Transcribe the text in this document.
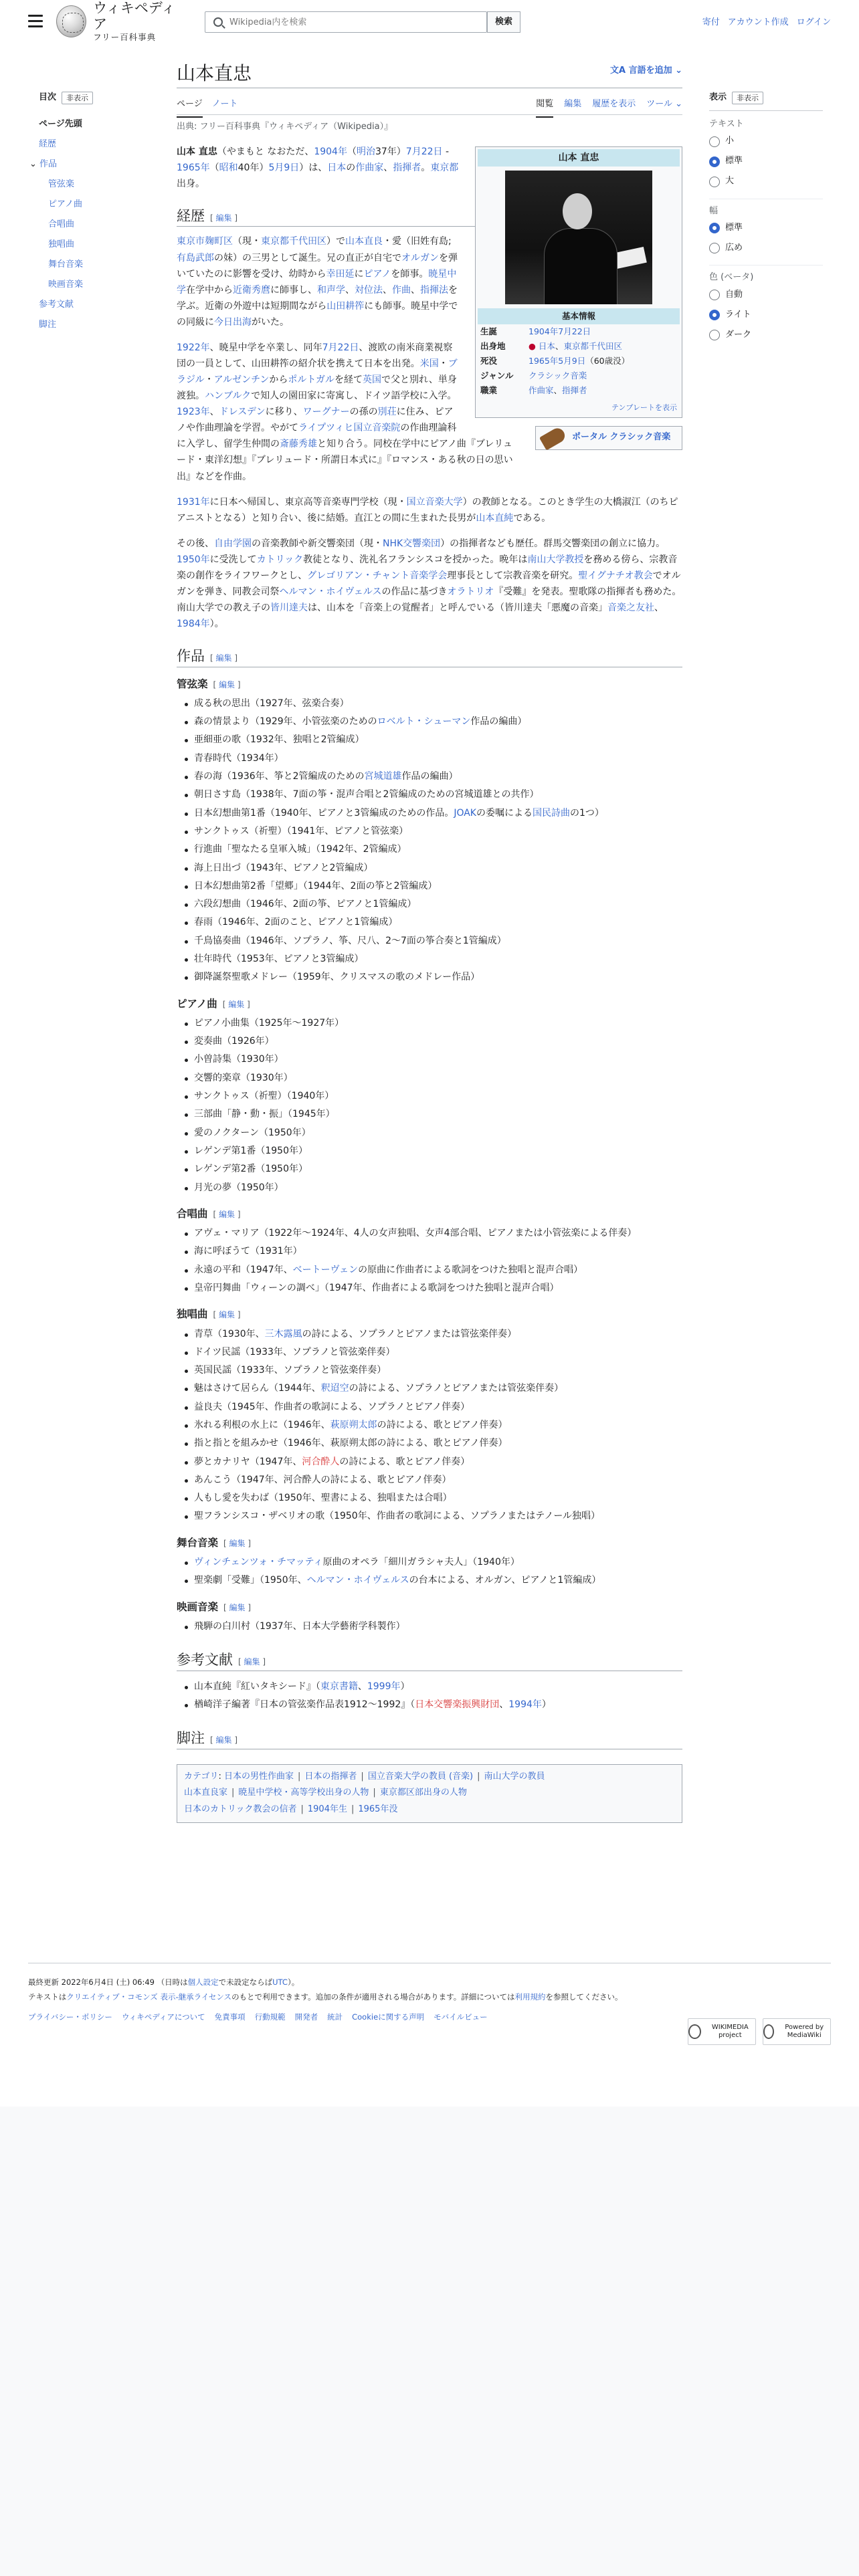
ウィキペディア
フリー百科事典
Wikipedia内を検索
検索	寄付 アカウント作成 ログイン
目次	非表示
ページ先頭
経歴
⌄ 作品
管弦楽
ピアノ曲
合唱曲
独唱曲
舞台音楽
映画音楽
参考文献
脚注
表示	非表示
テキスト
小
標準
大
幅
標準
広め
色 (ベータ)
自動
ライト
ダーク
山本直忠	文A 言語を追加 ⌄
ページ ノート	閲覧 編集 履歴を表示 ツール ⌄
出典: フリー百科事典『ウィキペディア（Wikipedia）』
山本 直忠
基本情報
生誕	1904年7月22日
出身地	● 日本、東京都千代田区
死没	1965年5月9日（60歳没）
ジャンル	クラシック音楽
職業	作曲家、指揮者
テンプレートを表示
ポータル クラシック音楽
山本 直忠（やまもと なおただ、1904年（明治37年）7月22日 - 1965年（昭和40年）5月9日）は、日本の作曲家、指揮者。東京都出身。
経歴 [ 編集 ]
東京市麹町区（現・東京都千代田区）で山本直良・愛（旧姓有島; 有島武郎の妹）の三男として誕生。兄の直正が自宅でオルガンを弾いていたのに影響を受け、幼時から幸田延にピアノを師事。暁星中学在学中から近衛秀麿に師事し、和声学、対位法、作曲、指揮法を学ぶ。近衛の外遊中は短期間ながら山田耕筰にも師事。暁星中学での同級に今日出海がいた。
1922年、暁星中学を卒業し、同年7月22日、渡欧の南米商業視察団の一員として、山田耕筰の紹介状を携えて日本を出発。米国・ブラジル・アルゼンチンからポルトガルを経て英国で父と別れ、単身渡独。ハンブルクで知人の園田家に寄寓し、ドイツ語学校に入学。1923年、ドレスデンに移り、ワーグナーの孫の別荘に住み、ピアノや作曲理論を学習。やがてライプツィヒ国立音楽院の作曲理論科に入学し、留学生仲間の斎藤秀雄と知り合う。同校在学中にピアノ曲『ブレリュード・東洋幻想』『ブレリュード・所謂日本式に』『ロマンス・ある秋の日の思い出』などを作曲。
1931年に日本へ帰国し、東京高等音楽専門学校（現・国立音楽大学）の教師となる。このとき学生の大橋淑江（のちピアニストとなる）と知り合い、後に結婚。直江との間に生まれた長男が山本直純である。
その後、自由学園の音楽教師や新交響楽団（現・NHK交響楽団）の指揮者なども歴任。群馬交響楽団の創立に協力。1950年に受洗してカトリック教徒となり、洗礼名フランシスコを授かった。晩年は南山大学教授を務める傍ら、宗教音楽の創作をライフワークとし、グレゴリアン・チャント音楽学会理事長として宗教音楽を研究。聖イグナチオ教会でオルガンを弾き、同教会司祭ヘルマン・ホイヴェルスの作品に基づきオラトリオ『受難』を発表。聖歌隊の指揮者も務めた。南山大学での教え子の皆川達夫は、山本を「音楽上の覚醒者」と呼んでいる（皆川達夫「悪魔の音楽」音楽之友社、1984年）。
作品 [ 編集 ]
管弦楽 [ 編集 ]
成る秋の思出（1927年、弦楽合奏）
森の情景より（1929年、小管弦楽のためのロベルト・シューマン作品の編曲）
亜細亜の歌（1932年、独唱と2管編成）
青春時代（1934年）
春の海（1936年、筝と2管編成のための宮城道雄作品の編曲）
朝日さす島（1938年、7面の筝・混声合唱と2管編成のための宮城道雄との共作）
日本幻想曲第1番（1940年、ピアノと3管編成のための作品。JOAKの委嘱による国民詩曲の1つ）
サンクトゥス（祈聖）（1941年、ピアノと管弦楽）
行進曲「聖なたる皇軍入城」（1942年、2管編成）
海上日出づ（1943年、ピアノと2管編成）
日本幻想曲第2番「望郷」（1944年、2面の筝と2管編成）
六段幻想曲（1946年、2面の筝、ピアノと1管編成）
春雨（1946年、2面のこと、ピアノと1管編成）
千鳥協奏曲（1946年、ソプラノ、筝、尺八、2〜7面の筝合奏と1管編成）
壮年時代（1953年、ピアノと3管編成）
御降誕祭聖歌メドレー（1959年、クリスマスの歌のメドレー作品）
ピアノ曲 [ 編集 ]
ピアノ小曲集（1925年〜1927年）
変奏曲（1926年）
小曽詩集（1930年）
交響的楽章（1930年）
サンクトゥス（祈聖）（1940年）
三部曲「静・動・振」（1945年）
愛のノクターン（1950年）
レゲンデ第1番（1950年）
レゲンデ第2番（1950年）
月光の夢（1950年）
合唱曲 [ 編集 ]
アヴェ・マリア（1922年〜1924年、4人の女声独唱、女声4部合唱、ピアノまたは小管弦楽による伴奏）
海に呼ぼうて（1931年）
永遠の平和（1947年、ベートーヴェンの原曲に作曲者による歌詞をつけた独唱と混声合唱）
皇帝円舞曲「ウィーンの調べ」（1947年、作曲者による歌詞をつけた独唱と混声合唱）
独唱曲 [ 編集 ]
青草（1930年、三木露風の詩による、ソプラノとピアノまたは管弦楽伴奏）
ドイツ民謡（1933年、ソプラノと管弦楽伴奏）
英国民謡（1933年、ソプラノと管弦楽伴奏）
魅はさけて居らん（1944年、釈迢空の詩による、ソプラノとピアノまたは管弦楽伴奏）
益良夫（1945年、作曲者の歌詞による、ソプラノとピアノ伴奏）
氷れる利根の水上に（1946年、萩原朔太郎の詩による、歌とピアノ伴奏）
指と指とを組みかせ（1946年、萩原朔太郎の詩による、歌とピアノ伴奏）
夢とカナリヤ（1947年、河合酔人の詩による、歌とピアノ伴奏）
あんこう（1947年、河合酔人の詩による、歌とピアノ伴奏）
人もし愛を失わば（1950年、聖書による、独唱または合唱）
聖フランシスコ・ザベリオの歌（1950年、作曲者の歌詞による、ソプラノまたはテノール独唱）
舞台音楽 [ 編集 ]
ヴィンチェンツォ・チマッティ原曲のオペラ「細川ガラシャ夫人」（1940年）
聖楽劇「受難」（1950年、ヘルマン・ホイヴェルスの台本による、オルガン、ピアノと1管編成）
映画音楽 [ 編集 ]
飛騨の白川村（1937年、日本大学藝術学科製作）
参考文献 [ 編集 ]
山本直純『紅いタキシード』（東京書籍、1999年）
楢崎洋子編著『日本の管弦楽作品表1912〜1992』（日本交響楽振興財団、1994年）
脚注 [ 編集 ]
カテゴリ: 日本の男性作曲家 | 日本の指揮者 | 国立音楽大学の教員 (音楽) | 南山大学の教員
山本直良家 | 暁星中学校・高等学校出身の人物 | 東京都区部出身の人物
日本のカトリック教会の信者 | 1904年生 | 1965年没
最終更新 2022年6月4日 (土) 06:49 （日時は個人設定で未設定ならばUTC）。
テキストはクリエイティブ・コモンズ 表示-継承ライセンスのもとで利用できます。追加の条件が適用される場合があります。詳細については利用規約を参照してください。
プライバシー・ポリシー ウィキペディアについて 免責事項 行動規範 開発者 統計 Cookieに関する声明 モバイルビュー
WIKIMEDIA project
Powered by MediaWiki
